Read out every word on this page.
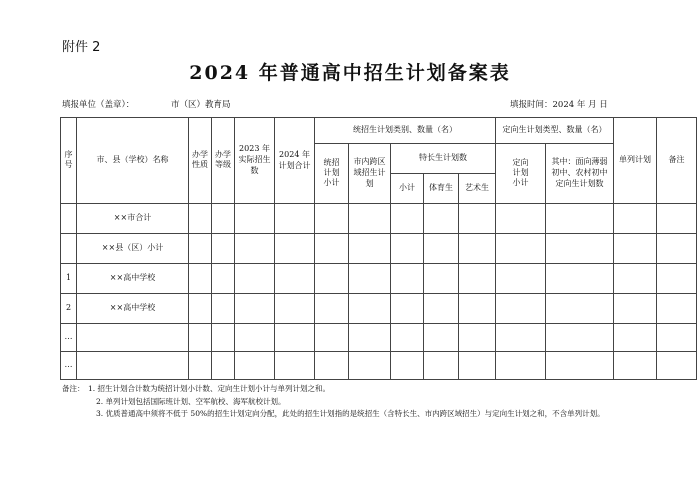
附件 2
2024 年普通高中招生计划备案表
填报单位（盖章）：	市（区）教育局	填报时间：2024 年 月 日
序号	市、县（学校）名称	办学性质	办学等级	2023 年实际招生数	2024 年计划合计	统招生计划类别、数量（名）					定向生计划类型、数量（名）		单列计划	备注
						统招计划小计	市内跨区域招生计划	特长生计划数			定向计划小计	其中：面向薄弱初中、农村初中定向生计划数		
								小计	体育生	艺术生				
	××市合计													
	××县（区）小计													
1	××高中学校													
2	××高中学校													
…														
…														
备注： 1. 招生计划合计数为统招计划小计数、定向生计划小计与单列计划之和。
2. 单列计划包括国际班计划、空军航校、海军航校计划。
3. 优质普通高中须将不低于 50%的招生计划定向分配，此处的招生计划指的是统招生（含特长生、市内跨区域招生）与定向生计划之和，不含单列计划。
